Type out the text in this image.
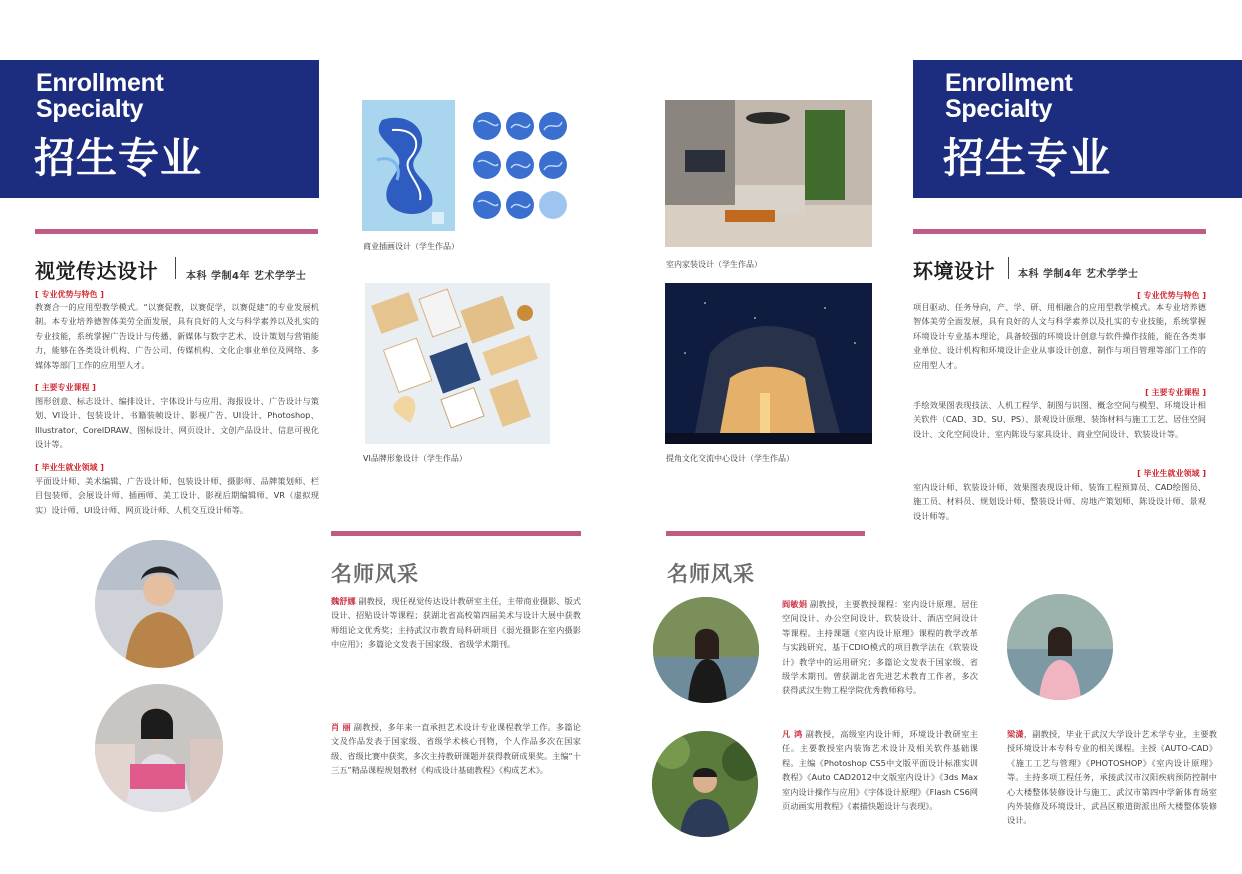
Enrollment
Specialty
招生专业
视觉传达设计	本科 学制4年 艺术学学士
[ 专业优势与特色 ]
教赛合一的应用型教学模式。“以赛促教，以赛促学，以赛促建”的专业发展机制。本专业培养德智体美劳全面发展，具有良好的人文与科学素养以及扎实的专业技能，系统掌握广告设计与传播、新媒体与数字艺术、设计策划与营销能力，能够在各类设计机构、广告公司、传媒机构、文化企事业单位及网络、多媒体等部门工作的应用型人才。
[ 主要专业课程 ]
图形创意、标志设计、编排设计、字体设计与应用、海报设计、广告设计与策划、VI设计、包装设计、书籍装帧设计、影视广告、UI设计、Photoshop、Illustrator、CorelDRAW、图标设计、网页设计、文创产品设计、信息可视化设计等。
[ 毕业生就业领域 ]
平面设计师、美术编辑、广告设计师、包装设计师、摄影师、品牌策划师、栏目包装师、会展设计师、插画师、美工设计、影视后期编辑师、VR（虚拟现实）设计师、UI设计师、网页设计师、人机交互设计师等。
商业插画设计（学生作品）
VI品牌形象设计（学生作品）
名师风采
魏舒娜 副教授，现任视觉传达设计教研室主任，主带商业摄影、版式设计、招贴设计等课程；获湖北省高校第四届美术与设计大展中获教师组论文优秀奖；主持武汉市教育局科研项目《弱光摄影在室内摄影中应用》；多篇论文发表于国家级、省级学术期刊。
肖 丽 副教授，多年来一直承担艺术设计专业课程教学工作。多篇论文及作品发表于国家级、省级学术核心刊物，个人作品多次在国家级、省级比赛中获奖，多次主持教研课题并获得教研成果奖。主编“十三五”精品课程规划教材《构成设计基础教程》《构成艺术》。
室内家装设计（学生作品）
提角文化交流中心设计（学生作品）
名师风采
阎敏娟 副教授，主要教授课程：室内设计原理、居住空间设计、办公空间设计、软装设计、酒店空间设计等课程。主持课题《室内设计原理》课程的教学改革与实践研究、基于CDIO模式的项目教学法在《软装设计》教学中的运用研究；多篇论文发表于国家级、省级学术期刊。曾获湖北省先进艺术教育工作者，多次获得武汉生物工程学院优秀教师称号。
凡 鸿 副教授，高级室内设计师，环境设计教研室主任。主要教授室内装饰艺术设计及相关软件基础课程。主编《Photoshop CS5中文版平面设计标准实训教程》《Auto CAD2012中文版室内设计》《3ds Max室内设计操作与应用》《字体设计原理》《Flash CS6网页动画实用教程》《素描快题设计与表现》。
梁潇，副教授，毕业于武汉大学设计艺术学专业，主要教授环境设计本专科专业的相关课程。主授《AUTO-CAD》《施工工艺与管理》《PHOTOSHOP》《室内设计原理》等。主持多项工程任务，承接武汉市汉阳疾病预防控制中心大楼整体装修设计与施工、武汉市第四中学新体育场室内外装修及环境设计、武昌区粮道街派出所大楼整体装修设计。
Enrollment
Specialty
招生专业
环境设计 本科 学制4年 艺术学学士
[ 专业优势与特色 ]
项目驱动、任务导向，产、学、研、用相融合的应用型教学模式。本专业培养德智体美劳全面发展，具有良好的人文与科学素养以及扎实的专业技能，系统掌握环境设计专业基本理论，具备较强的环境设计创意与软件操作技能，能在各类事业单位、设计机构和环境设计企业从事设计创意、制作与项目管理等部门工作的应用型人才。
[ 主要专业课程 ]
手绘效果图表现技法、人机工程学、制图与识图、概念空间与模型、环境设计相关软件（CAD、3D、SU、PS）、景观设计原理、装饰材料与施工工艺、居住空间设计、文化空间设计、室内陈设与家具设计、商业空间设计、软装设计等。
[ 毕业生就业领域 ]
室内设计师、软装设计师、效果图表现设计师、装饰工程预算员、CAD绘图员、施工员、材料员、规划设计师、整装设计师、房地产策划师、陈设设计师、景观设计师等。
